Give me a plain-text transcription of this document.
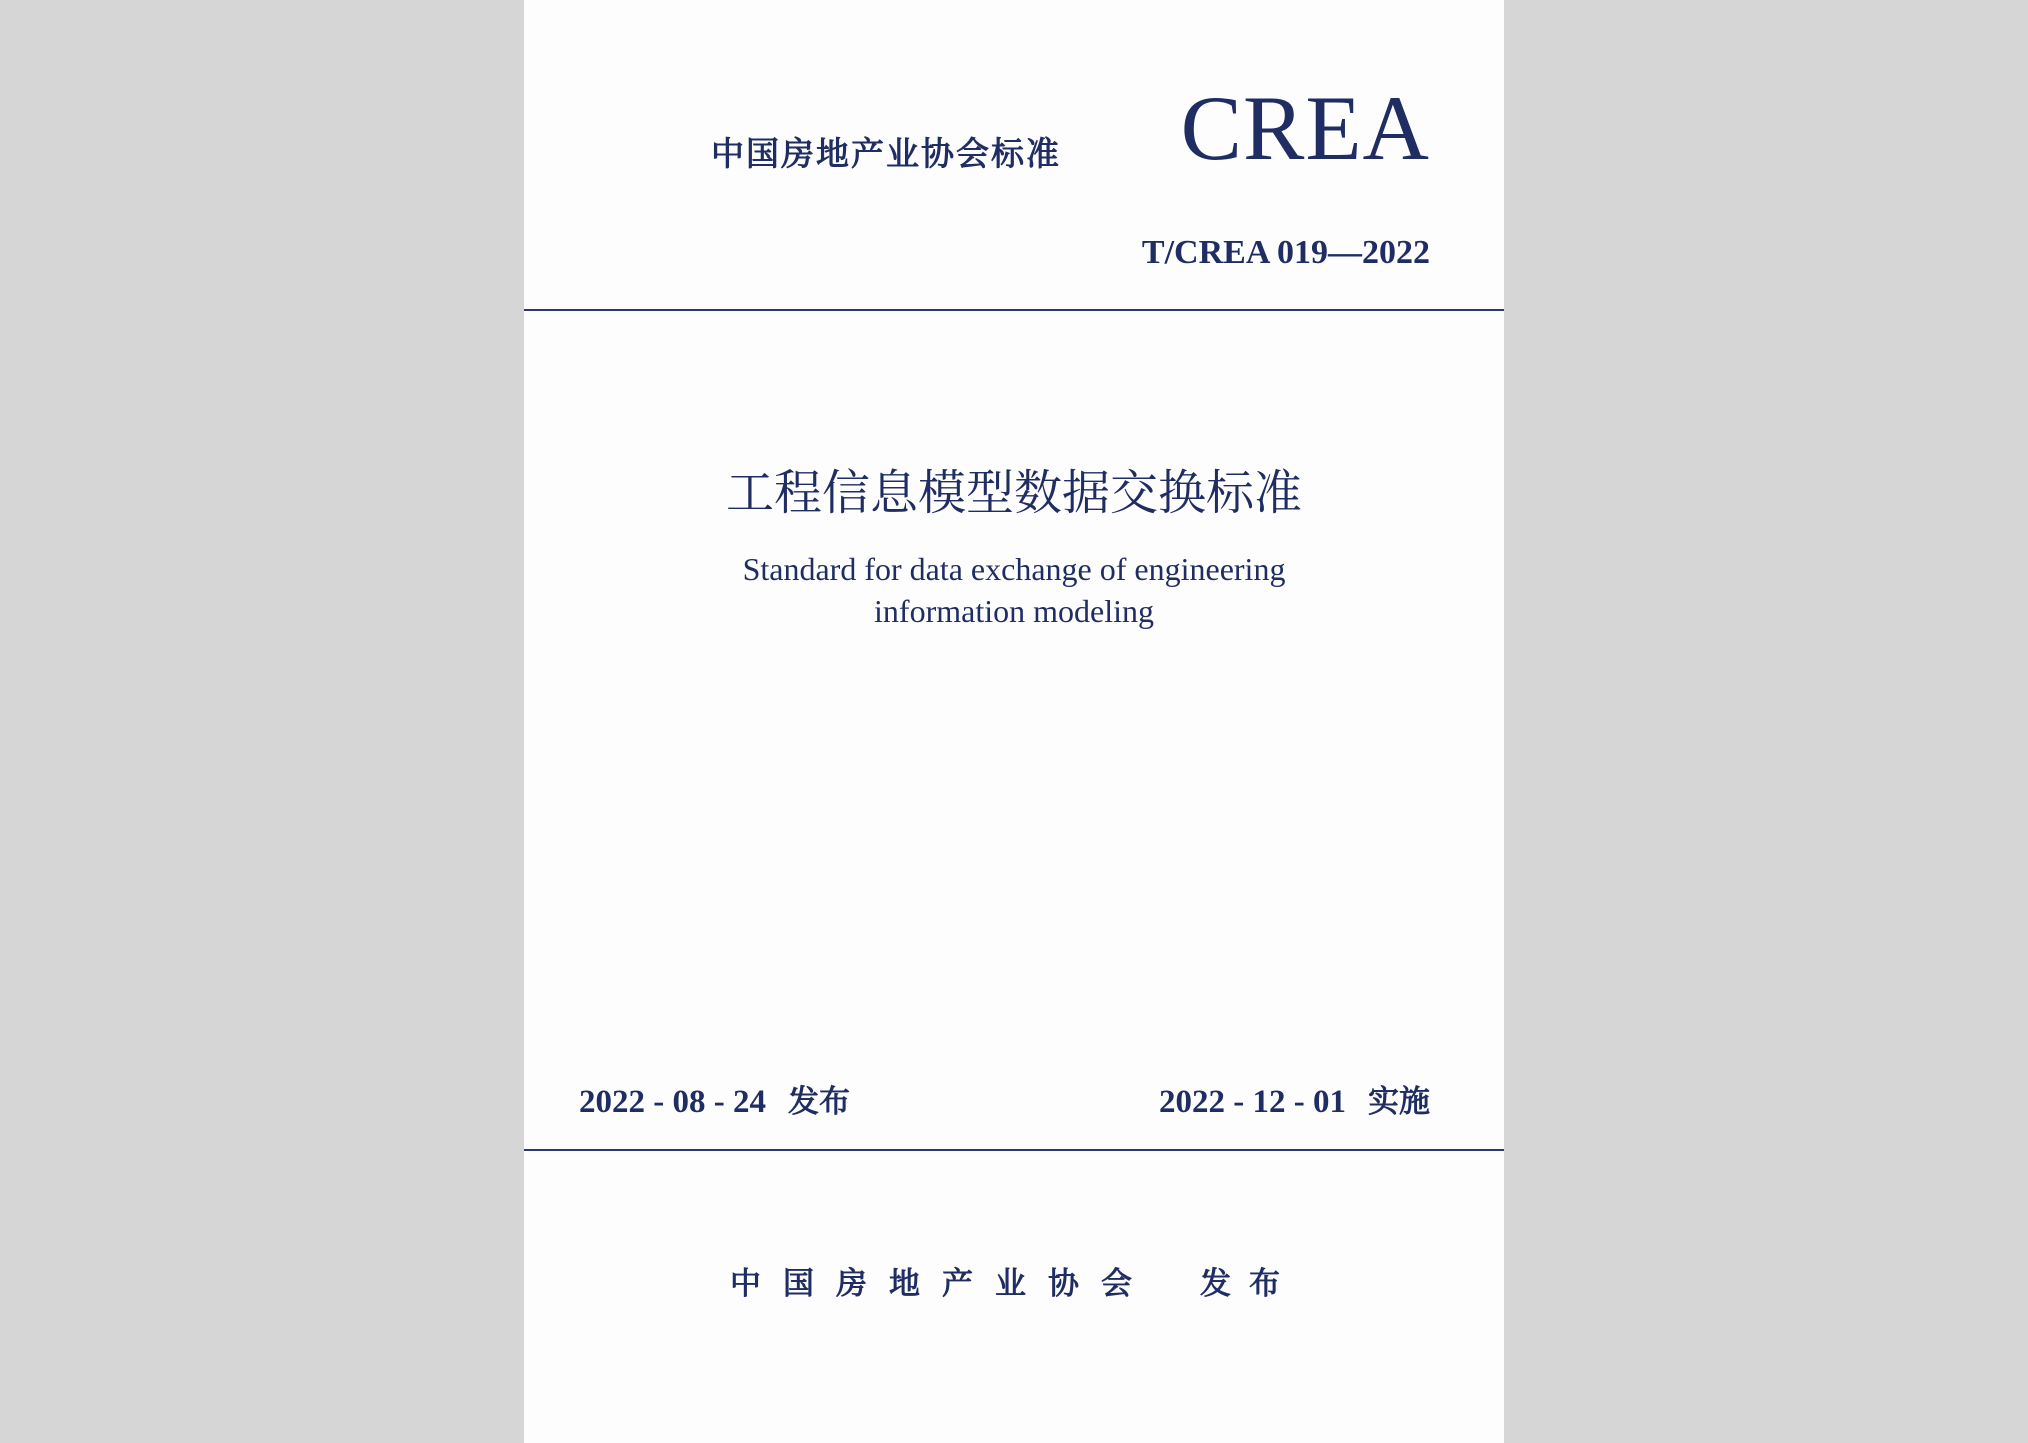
中国房地产业协会标准 CREA
T/CREA 019—2022
工程信息模型数据交换标准
Standard for data exchange of engineering
information modeling
2022 - 08 - 24 发布	2022 - 12 - 01 实施
中国房地产业协会 发布
